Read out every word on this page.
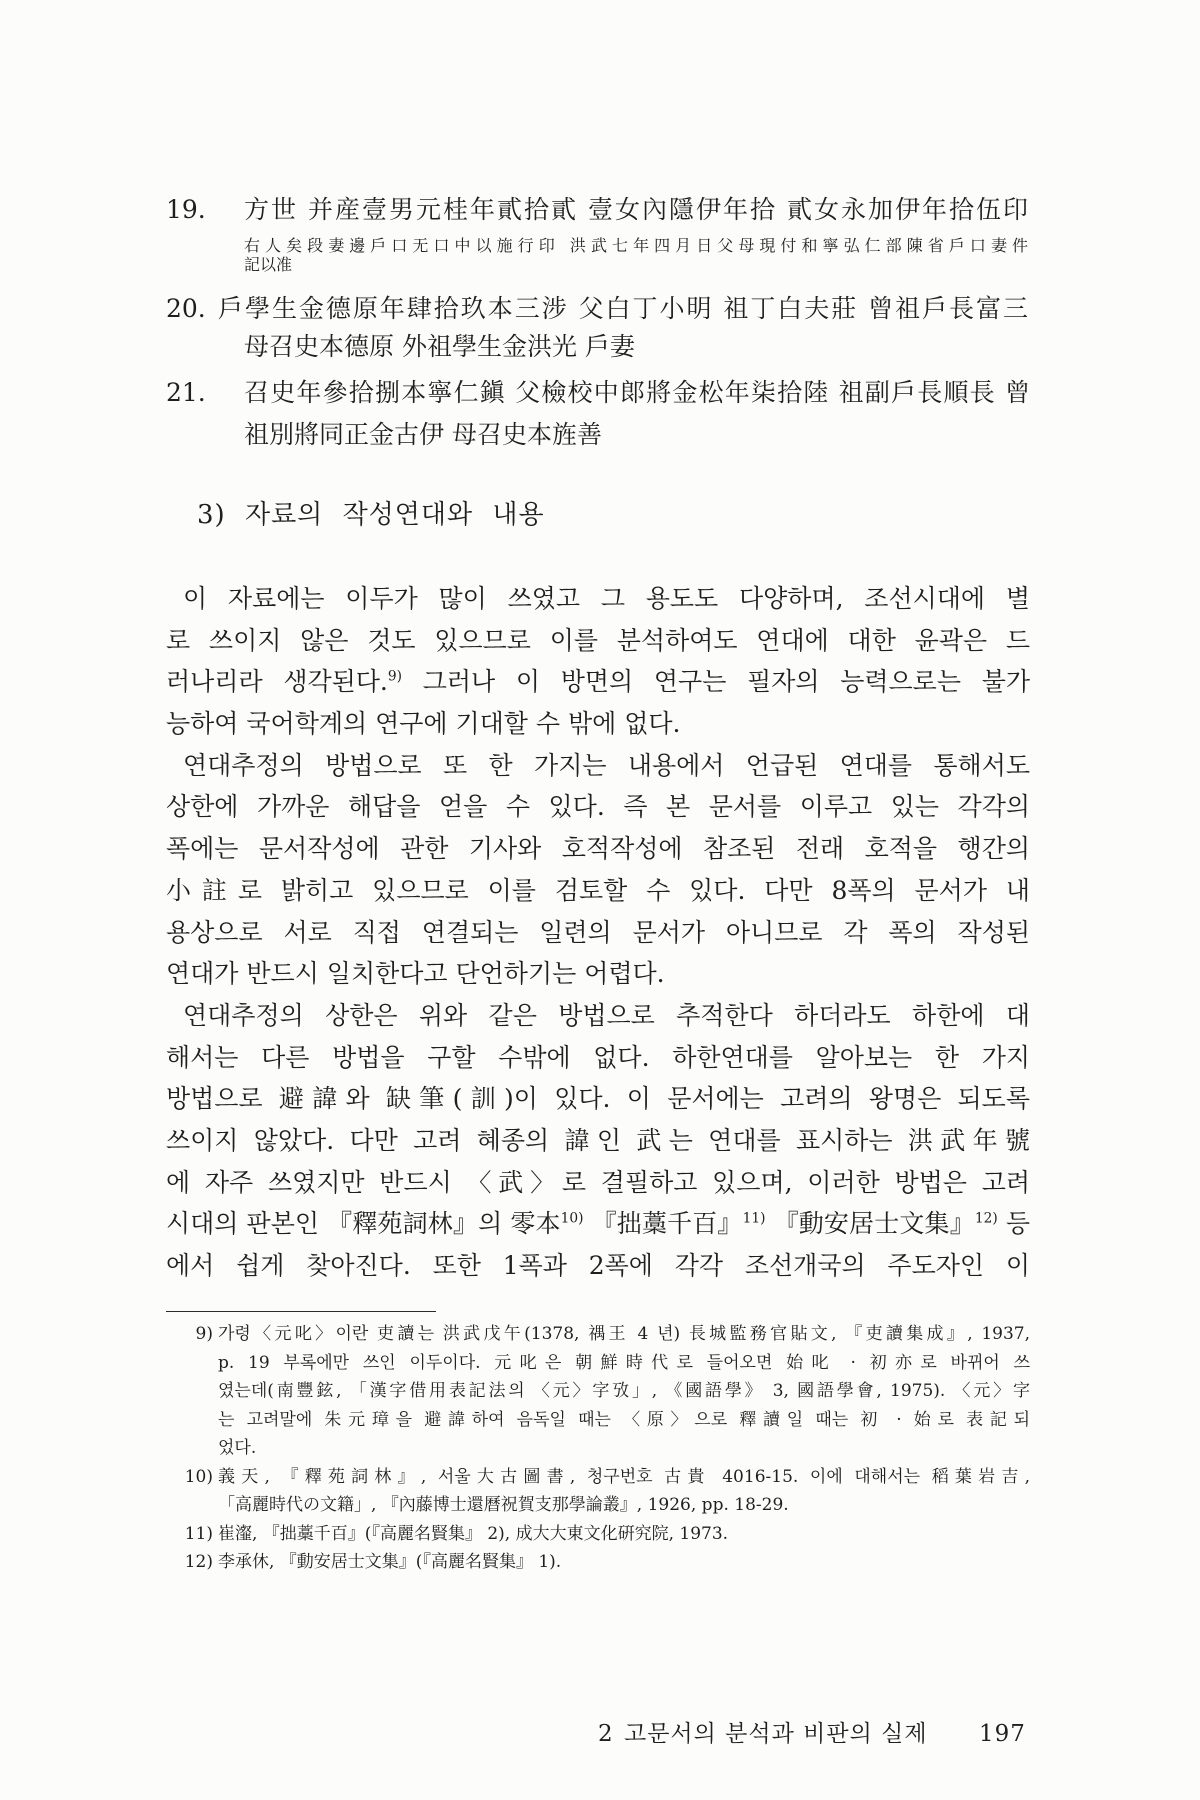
19. 方世 并産壹男元桂年貳拾貳 壹女內隱伊年拾 貳女永加伊年拾伍印
右人矣段妻邊戶口无口中以施行印 洪武七年四月日父母現付和寧弘仁部陳省戶口妻件
記以准
20. 戶學生金德原年肆拾玖本三涉 父白丁小明 祖丁白夫莊 曾祖戶長富三
母召史本德原 外祖學生金洪光 戶妻
21. 召史年參拾捌本寧仁鎭 父檢校中郞將金松年柒拾陸 祖副戶長順長 曾
祖別將同正金古伊 母召史本旌善
3) 자료의 작성연대와 내용
이 자료에는 이두가 많이 쓰였고 그 용도도 다양하며, 조선시대에 별
로 쓰이지 않은 것도 있으므로 이를 분석하여도 연대에 대한 윤곽은 드
러나리라 생각된다.$^{9)}$ 그러나 이 방면의 연구는 필자의 능력으로는 불가
능하여 국어학계의 연구에 기대할 수 밖에 없다.
연대추정의 방법으로 또 한 가지는 내용에서 언급된 연대를 통해서도
상한에 가까운 해답을 얻을 수 있다. 즉 본 문서를 이루고 있는 각각의
폭에는 문서작성에 관한 기사와 호적작성에 참조된 전래 호적을 행간의
小註로 밝히고 있으므로 이를 검토할 수 있다. 다만 8폭의 문서가 내
용상으로 서로 직접 연결되는 일련의 문서가 아니므로 각 폭의 작성된
연대가 반드시 일치한다고 단언하기는 어렵다.
연대추정의 상한은 위와 같은 방법으로 추적한다 하더라도 하한에 대
해서는 다른 방법을 구할 수밖에 없다. 하한연대를 알아보는 한 가지
방법으로 避諱와 缺筆(訓)이 있다. 이 문서에는 고려의 왕명은 되도록
쓰이지 않았다. 다만 고려 혜종의 諱인 武는 연대를 표시하는 洪武年號
에 자주 쓰였지만 반드시 〈武〉로 결필하고 있으며, 이러한 방법은 고려
시대의 판본인 『釋苑詞林』의 零本$^{10)}$ 『拙藁千百』$^{11)}$ 『動安居士文集』$^{12)}$ 등
에서 쉽게 찾아진다. 또한 1폭과 2폭에 각각 조선개국의 주도자인 이
9) 가령〈元叱〉이란 吏讀는 洪武戊午(1378, 禑王 4 년) 長城監務官貼文, 『吏讀集成』, 1937,
p. 19 부록에만 쓰인 이두이다. 元叱은 朝鮮時代로 들어오면 始叱 · 初亦로 바뀌어 쓰
였는데(南豐鉉, 「漢字借用表記法의 〈元〉字攷」, 《國語學》 3, 國語學會, 1975). 〈元〉字
는 고려말에 朱元璋을 避諱하여 음독일 때는 〈原〉으로 釋讀일 때는 初 · 始로 表記되
었다.
10) 義天, 『釋苑詞林』, 서울大古圖書, 청구번호 古貴 4016-15. 이에 대해서는 稻葉岩吉,
「高麗時代の文籍」, 『內藤博士還曆祝賀支那學論叢』, 1926, pp. 18-29.
11) 崔瀣, 『拙藁千百』(『高麗名賢集』 2), 成大大東文化硏究院, 1973.
12) 李承休, 『動安居士文集』(『高麗名賢集』 1).
2 고문서의 분석과 비판의 실제	197
